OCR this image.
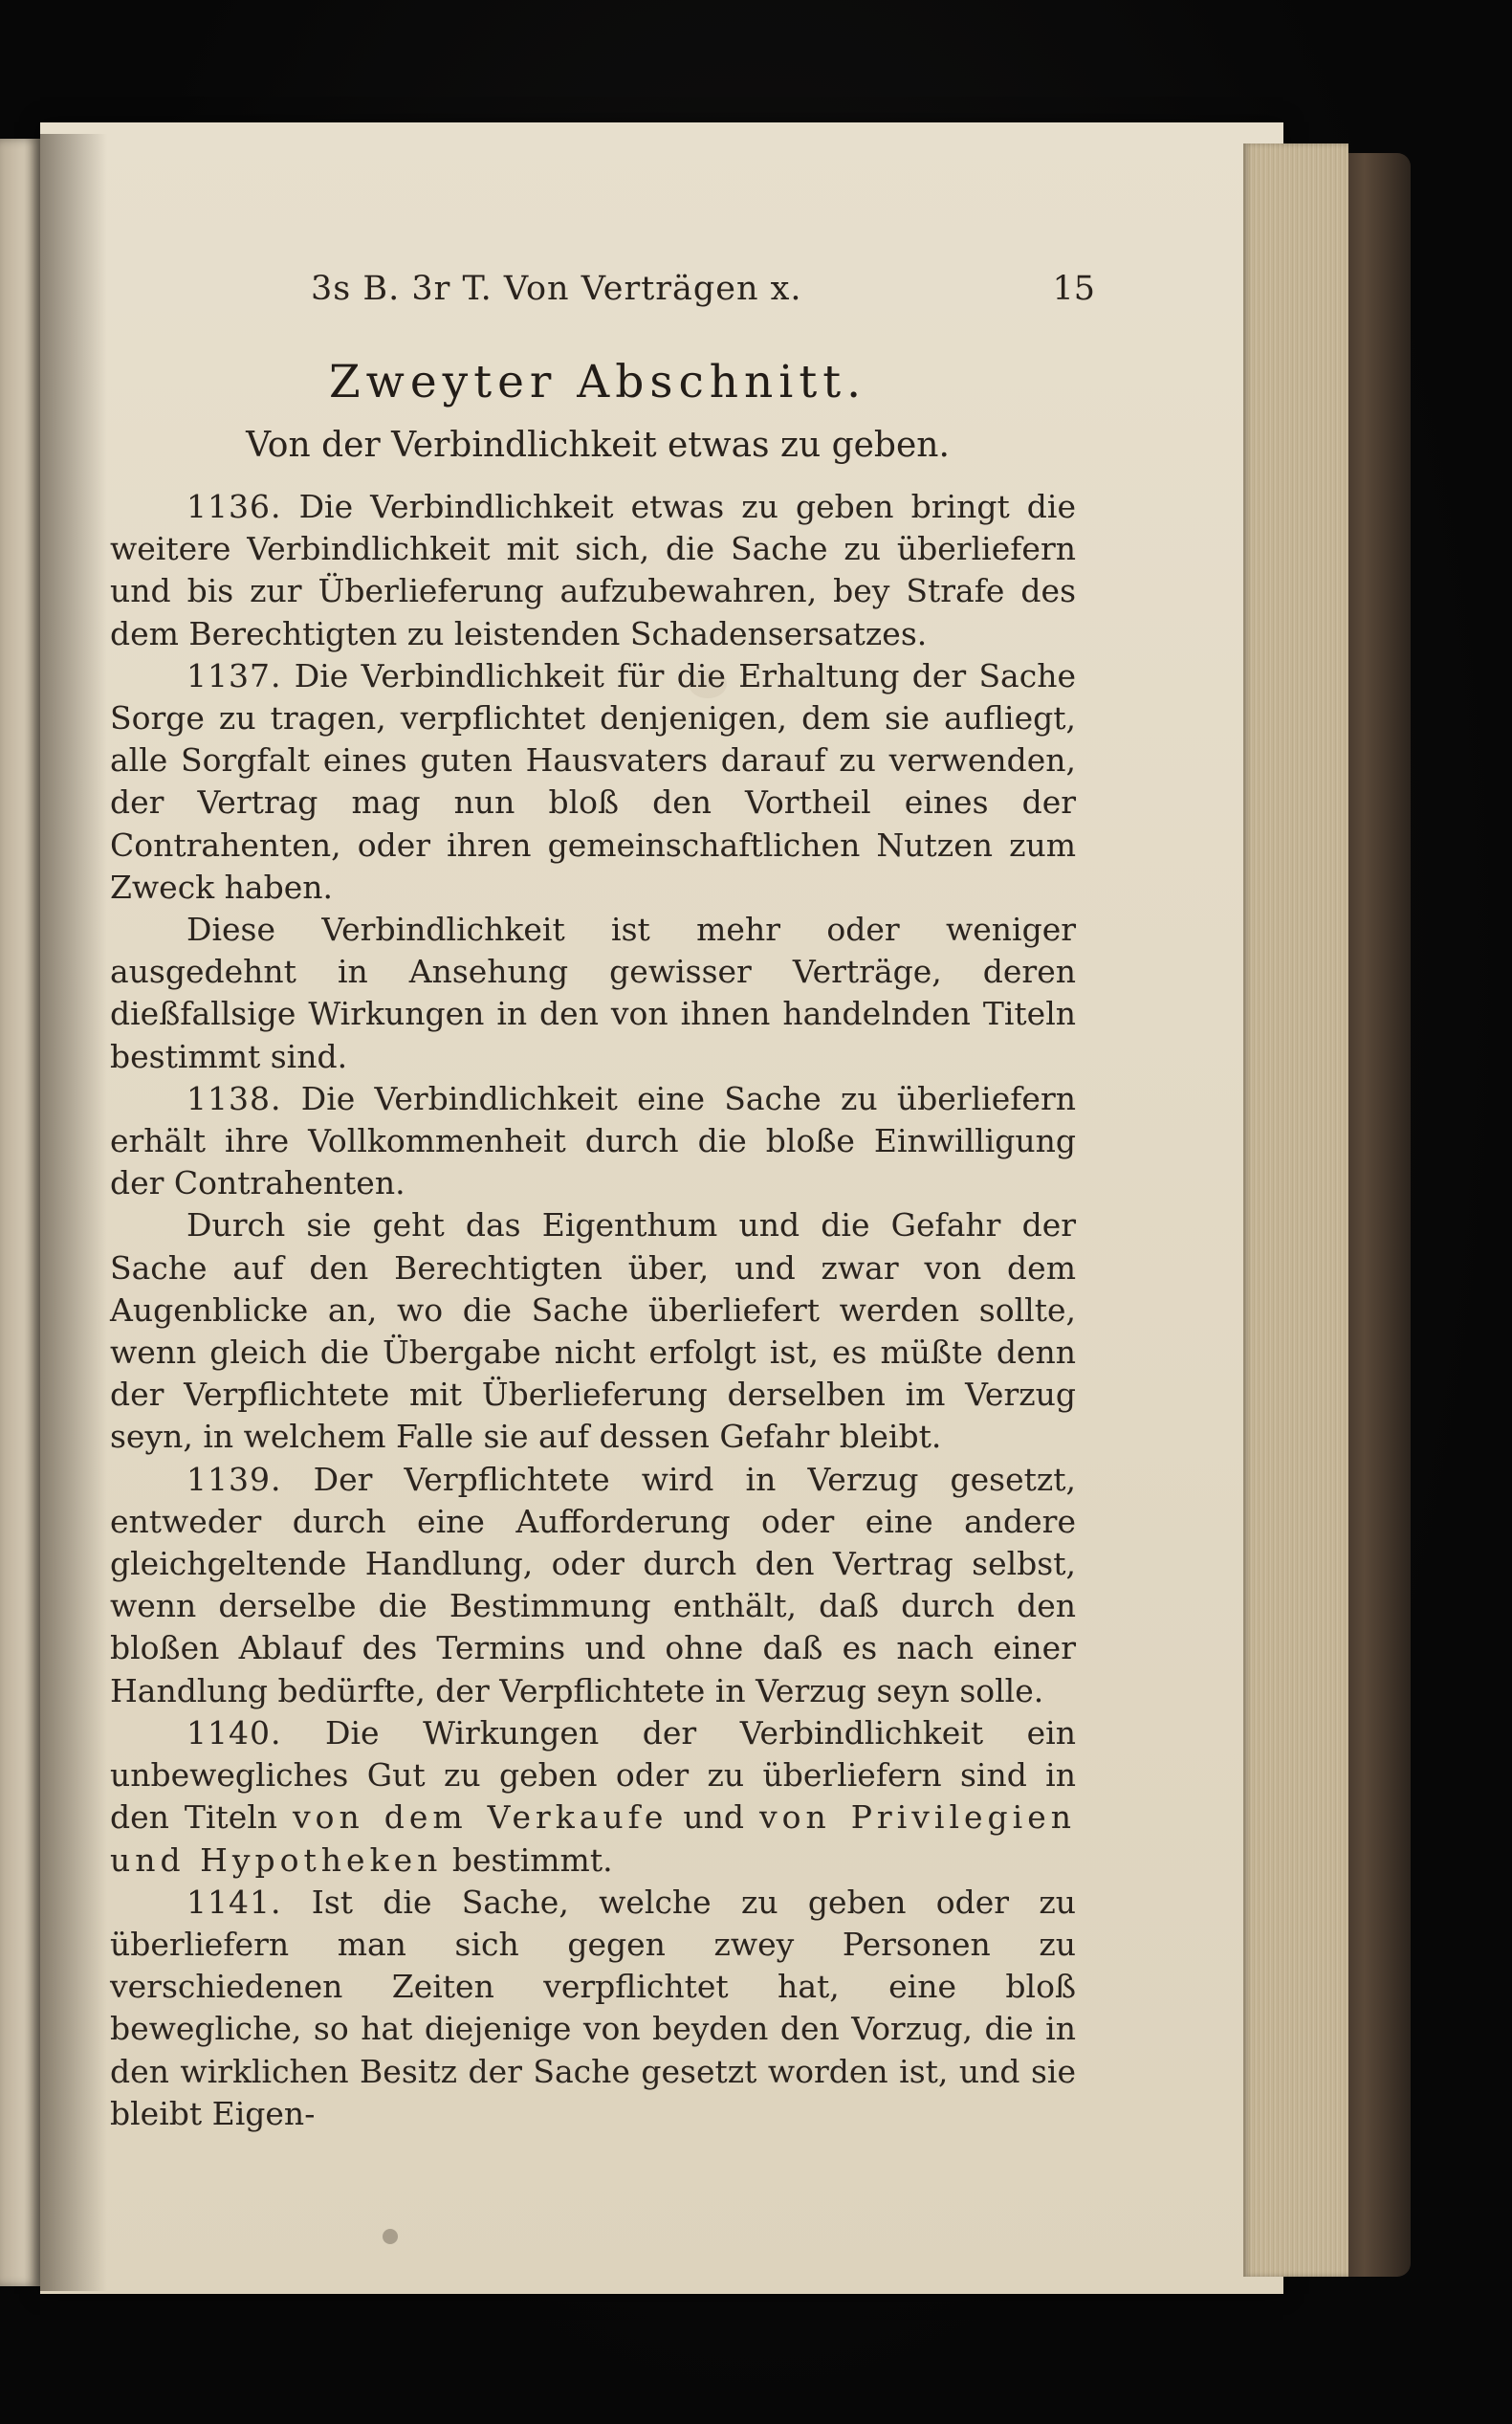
3s B. 3r T. Von Verträgen x.	15
Zweyter Abschnitt.
Von der Verbindlichkeit etwas zu geben.

1136. Die Verbindlichkeit etwas zu geben bringt die weitere Verbindlichkeit mit sich, die Sache zu überliefern und bis zur Überlieferung aufzubewahren, bey Strafe des dem Berechtigten zu leistenden Schadensersatzes.

1137. Die Verbindlichkeit für die Erhaltung der Sache Sorge zu tragen, verpflichtet denjenigen, dem sie aufliegt, alle Sorgfalt eines guten Hausvaters darauf zu verwenden, der Vertrag mag nun bloß den Vortheil eines der Contrahenten, oder ihren gemeinschaftlichen Nutzen zum Zweck haben.

Diese Verbindlichkeit ist mehr oder weniger ausgedehnt in Ansehung gewisser Verträge, deren dießfallsige Wirkungen in den von ihnen handelnden Titeln bestimmt sind.

1138. Die Verbindlichkeit eine Sache zu überliefern erhält ihre Vollkommenheit durch die bloße Einwilligung der Contrahenten.

Durch sie geht das Eigenthum und die Gefahr der Sache auf den Berechtigten über, und zwar von dem Augenblicke an, wo die Sache überliefert werden sollte, wenn gleich die Übergabe nicht erfolgt ist, es müßte denn der Verpflichtete mit Überlieferung derselben im Verzug seyn, in welchem Falle sie auf dessen Gefahr bleibt.

1139. Der Verpflichtete wird in Verzug gesetzt, entweder durch eine Aufforderung oder eine andere gleichgeltende Handlung, oder durch den Vertrag selbst, wenn derselbe die Bestimmung enthält, daß durch den bloßen Ablauf des Termins und ohne daß es nach einer Handlung bedürfte, der Verpflichtete in Verzug seyn solle.

1140. Die Wirkungen der Verbindlichkeit ein unbewegliches Gut zu geben oder zu überliefern sind in den Titeln von dem Verkaufe und von Privilegien und Hypotheken bestimmt.

1141. Ist die Sache, welche zu geben oder zu überliefern man sich gegen zwey Personen zu verschiedenen Zeiten verpflichtet hat, eine bloß bewegliche, so hat diejenige von beyden den Vorzug, die in den wirklichen Besitz der Sache gesetzt worden ist, und sie bleibt Eigen-
